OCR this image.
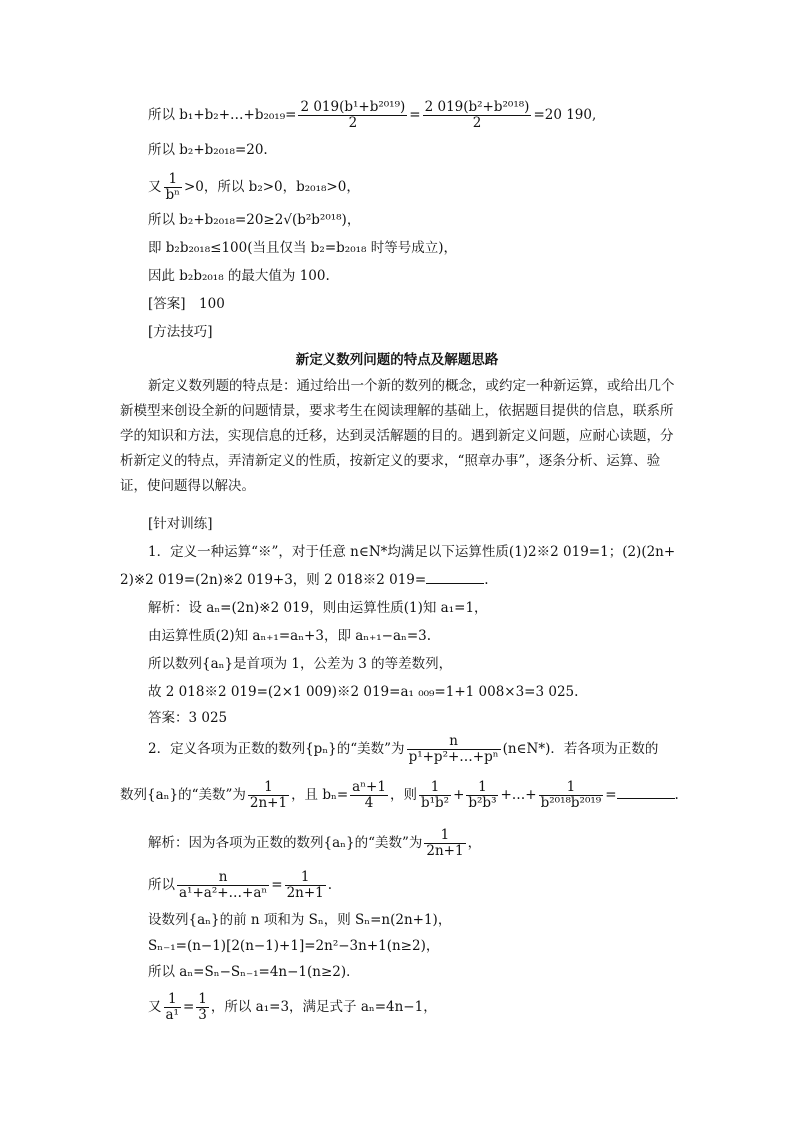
所以 b₁+b₂+…+b₂₀₁₉= $\frac{\text{2 019(b¹+b²⁰¹⁹)}}{2} = \frac{\text{2 019(b²+b²⁰¹⁸)}}{2} =20$ 190,
所以 b₂+b₂₀₁₈=20.
又 $\frac{1}{\text{bⁿ}} >0$，所以 b₂>0，b₂₀₁₈>0，
所以 b₂+b₂₀₁₈=20≥2√(b²b²⁰¹⁸)，
即 b₂b₂₀₁₈≤100(当且仅当 b₂=b₂₀₁₈ 时等号成立)，
因此 b₂b₂₀₁₈ 的最大值为 100.
[答案]　100
[方法技巧]
新定义数列问题的特点及解题思路
新定义数列题的特点是：通过给出一个新的数列的概念，或约定一种新运算，或给出几个新模型来创设全新的问题情景，要求考生在阅读理解的基础上，依据题目提供的信息，联系所学的知识和方法，实现信息的迁移，达到灵活解题的目的。遇到新定义问题，应耐心读题，分析新定义的特点，弄清新定义的性质，按新定义的要求，“照章办事”，逐条分析、运算、验证，使问题得以解决。
[针对训练]
1．定义一种运算“※”，对于任意 n∈N*均满足以下运算性质(1)2※2 019=1；(2)(2n+
2)※2 019=(2n)※2 019+3，则 2 018※2 019=	.
解析：设 aₙ=(2n)※2 019，则由运算性质(1)知 a₁=1，
由运算性质(2)知 aₙ₊₁=aₙ+3，即 aₙ₊₁−aₙ=3.
所以数列{aₙ}是首项为 1，公差为 3 的等差数列，
故 2 018※2 019=(2×1 009)※2 019=a₁ ₀₀₉=1+1 008×3=3 025.
答案：3 025
2．定义各项为正数的数列{pₙ}的“美数”为 $\frac{n}{\text{p¹+p²+…+pⁿ}}$ (n∈N*)．若各项为正数的
数列{aₙ}的“美数”为 $\frac{1}{2n+1}$ ，且 $b_n= \frac{\text{aⁿ+1}}{4}$ ，则 $\frac{1}{\text{b¹b²}} + \frac{1}{\text{b²b³}}$ +…+ $\frac{1}{\text{b²⁰¹⁸b²⁰¹⁹}}$ =	.
解析：因为各项为正数的数列{aₙ}的“美数”为 $\frac{1}{2n+1}$ ，
所以 $\frac{n}{\text{a¹+a²+…+aⁿ}} = \frac{1}{2n+1}$ .
设数列{aₙ}的前 n 项和为 Sₙ，则 Sₙ=n(2n+1)，
Sₙ₋₁=(n−1)[2(n−1)+1]=2n²−3n+1(n≥2)，
所以 aₙ=Sₙ−Sₙ₋₁=4n−1(n≥2)．
又 $\frac{1}{\text{a¹}} = \frac{1}{3}$ ，所以 a₁=3，满足式子 aₙ=4n−1，
